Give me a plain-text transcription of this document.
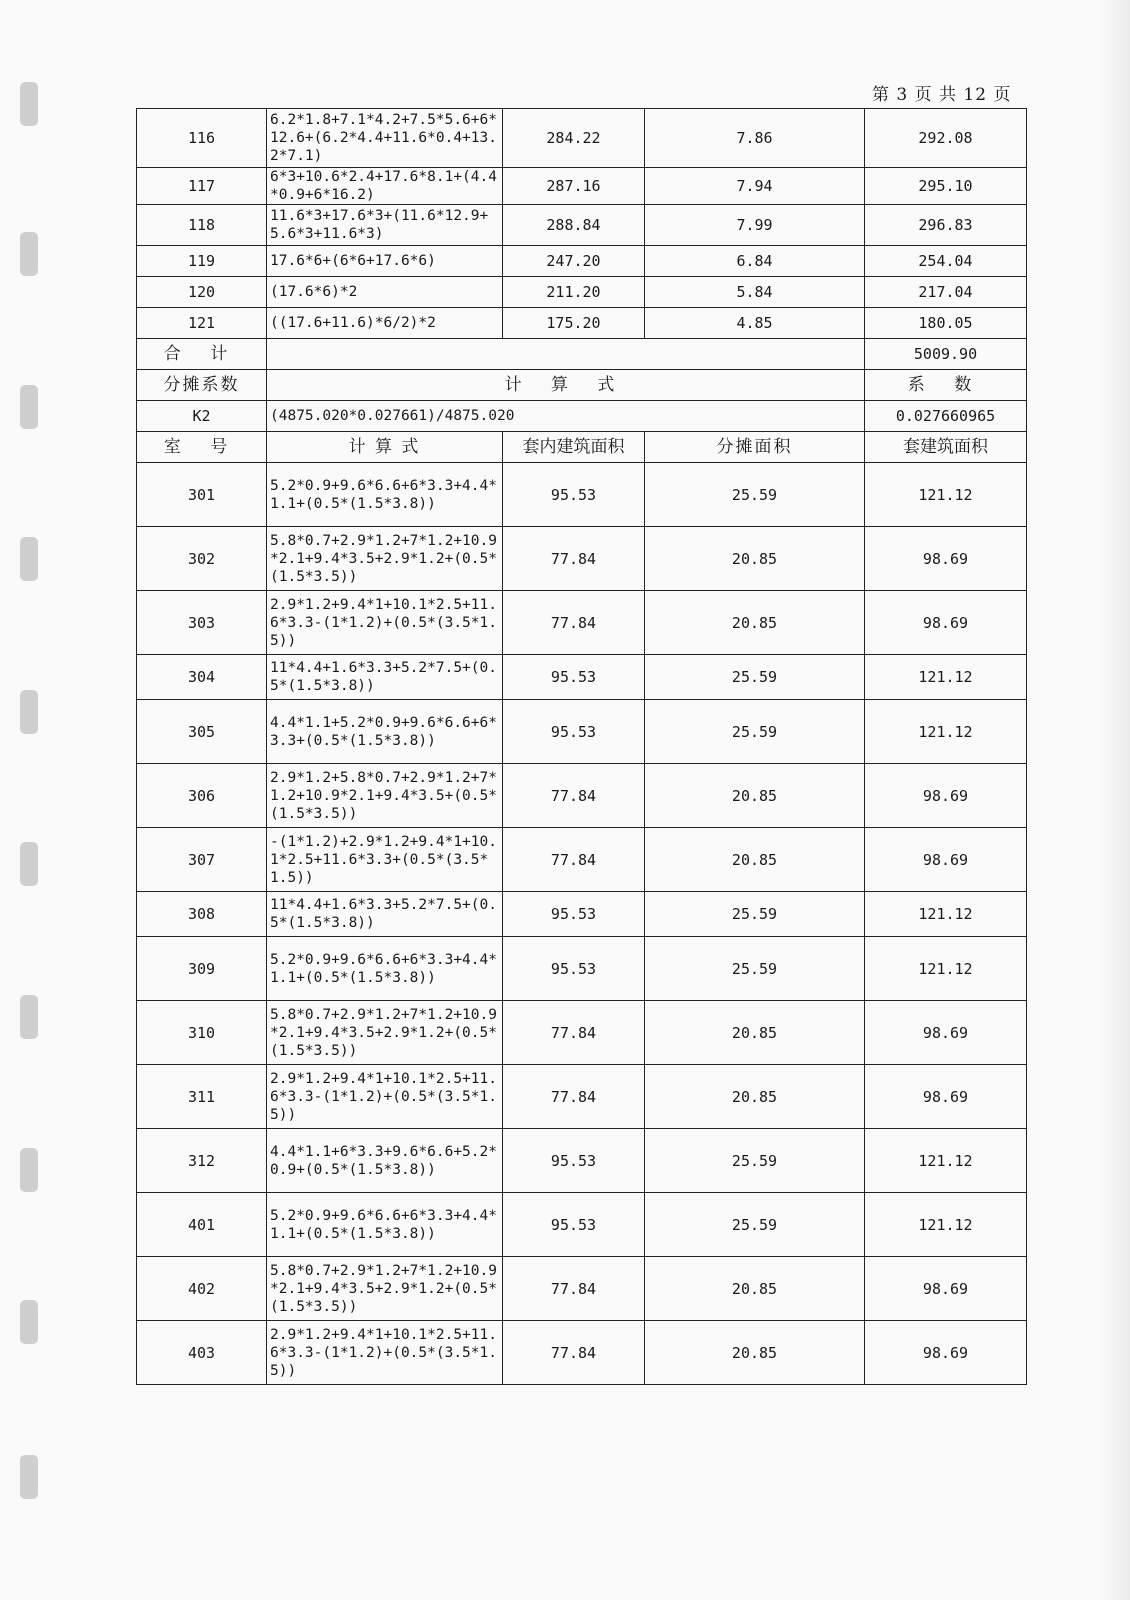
第 3 页 共 12 页
116	6.2*1.8+7.1*4.2+7.5*5.6+6*12.6+(6.2*4.4+11.6*0.4+13.2*7.1)	284.22	7.86	292.08
117	6*3+10.6*2.4+17.6*8.1+(4.4*0.9+6*16.2)	287.16	7.94	295.10
118	11.6*3+17.6*3+(11.6*12.9+5.6*3+11.6*3)	288.84	7.99	296.83
119	17.6*6+(6*6+17.6*6)	247.20	6.84	254.04
120	(17.6*6)*2	211.20	5.84	217.04
121	((17.6+11.6)*6/2)*2	175.20	4.85	180.05
合 计				5009.90
分摊系数	计 算 式			系 数
K2	(4875.020*0.027661)/4875.020			0.027660965
室 号	计 算 式	套内建筑面积	分摊面积	套建筑面积
301	5.2*0.9+9.6*6.6+6*3.3+4.4*1.1+(0.5*(1.5*3.8))	95.53	25.59	121.12
302	5.8*0.7+2.9*1.2+7*1.2+10.9*2.1+9.4*3.5+2.9*1.2+(0.5*(1.5*3.5))	77.84	20.85	98.69
303	2.9*1.2+9.4*1+10.1*2.5+11.6*3.3-(1*1.2)+(0.5*(3.5*1.5))	77.84	20.85	98.69
304	11*4.4+1.6*3.3+5.2*7.5+(0.5*(1.5*3.8))	95.53	25.59	121.12
305	4.4*1.1+5.2*0.9+9.6*6.6+6*3.3+(0.5*(1.5*3.8))	95.53	25.59	121.12
306	2.9*1.2+5.8*0.7+2.9*1.2+7*1.2+10.9*2.1+9.4*3.5+(0.5*(1.5*3.5))	77.84	20.85	98.69
307	-(1*1.2)+2.9*1.2+9.4*1+10.1*2.5+11.6*3.3+(0.5*(3.5*1.5))	77.84	20.85	98.69
308	11*4.4+1.6*3.3+5.2*7.5+(0.5*(1.5*3.8))	95.53	25.59	121.12
309	5.2*0.9+9.6*6.6+6*3.3+4.4*1.1+(0.5*(1.5*3.8))	95.53	25.59	121.12
310	5.8*0.7+2.9*1.2+7*1.2+10.9*2.1+9.4*3.5+2.9*1.2+(0.5*(1.5*3.5))	77.84	20.85	98.69
311	2.9*1.2+9.4*1+10.1*2.5+11.6*3.3-(1*1.2)+(0.5*(3.5*1.5))	77.84	20.85	98.69
312	4.4*1.1+6*3.3+9.6*6.6+5.2*0.9+(0.5*(1.5*3.8))	95.53	25.59	121.12
401	5.2*0.9+9.6*6.6+6*3.3+4.4*1.1+(0.5*(1.5*3.8))	95.53	25.59	121.12
402	5.8*0.7+2.9*1.2+7*1.2+10.9*2.1+9.4*3.5+2.9*1.2+(0.5*(1.5*3.5))	77.84	20.85	98.69
403	2.9*1.2+9.4*1+10.1*2.5+11.6*3.3-(1*1.2)+(0.5*(3.5*1.5))	77.84	20.85	98.69
